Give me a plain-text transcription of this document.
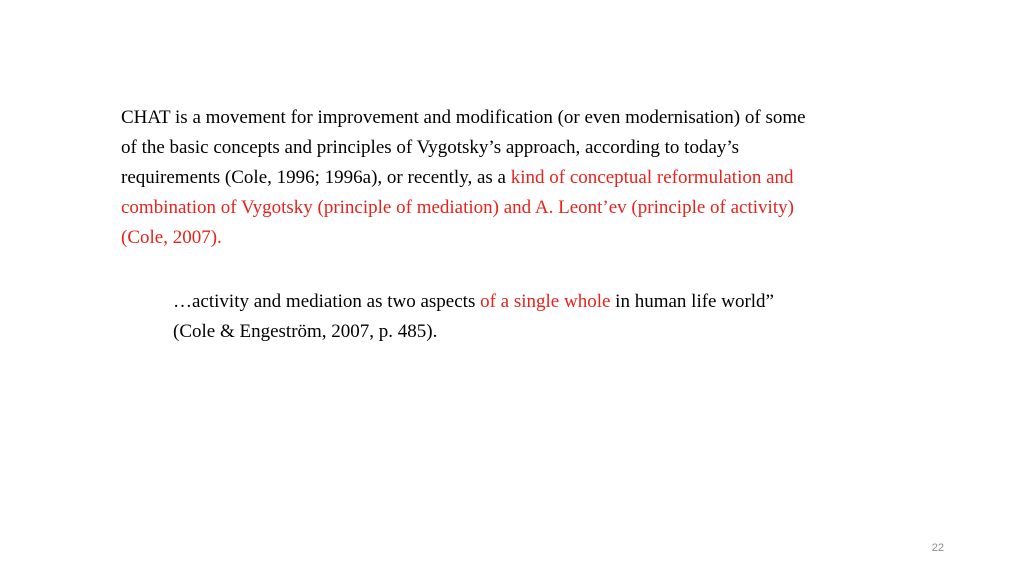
CHAT is a movement for improvement and modification (or even modernisation) of some
of the basic concepts and principles of Vygotsky’s approach, according to today’s
requirements (Cole, 1996; 1996a), or recently, as a kind of conceptual reformulation and
combination of Vygotsky (principle of mediation) and A. Leont’ev (principle of activity)
(Cole, 2007).
…activity and mediation as two aspects of a single whole in human life world”
(Cole & Engeström, 2007, p. 485).
22
